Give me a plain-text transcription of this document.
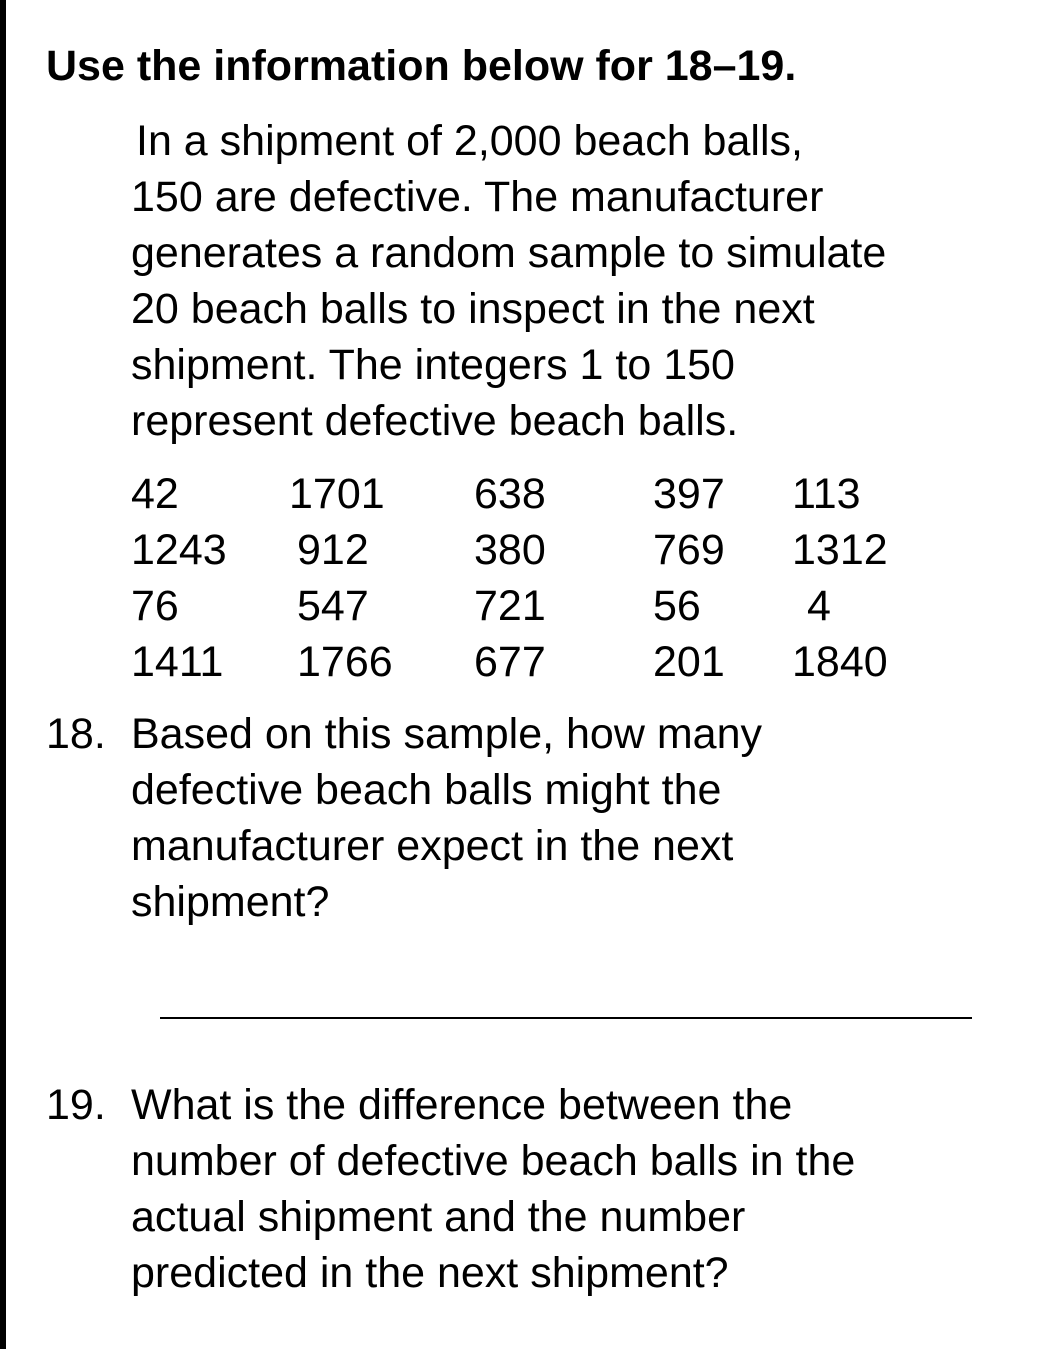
Use the information below for 18–19.
In a shipment of 2,000 beach balls,
150 are defective. The manufacturer
generates a random sample to simulate
20 beach balls to inspect in the next
shipment. The integers 1 to 150
represent defective beach balls.
42	1701 638 397 113
1243 912 380 769 1312
76	547 721 56 4
1411 1766 677 201 1840
18. Based on this sample, how many
defective beach balls might the
manufacturer expect in the next
shipment?
19. What is the difference between the
number of defective beach balls in the
actual shipment and the number
predicted in the next shipment?
